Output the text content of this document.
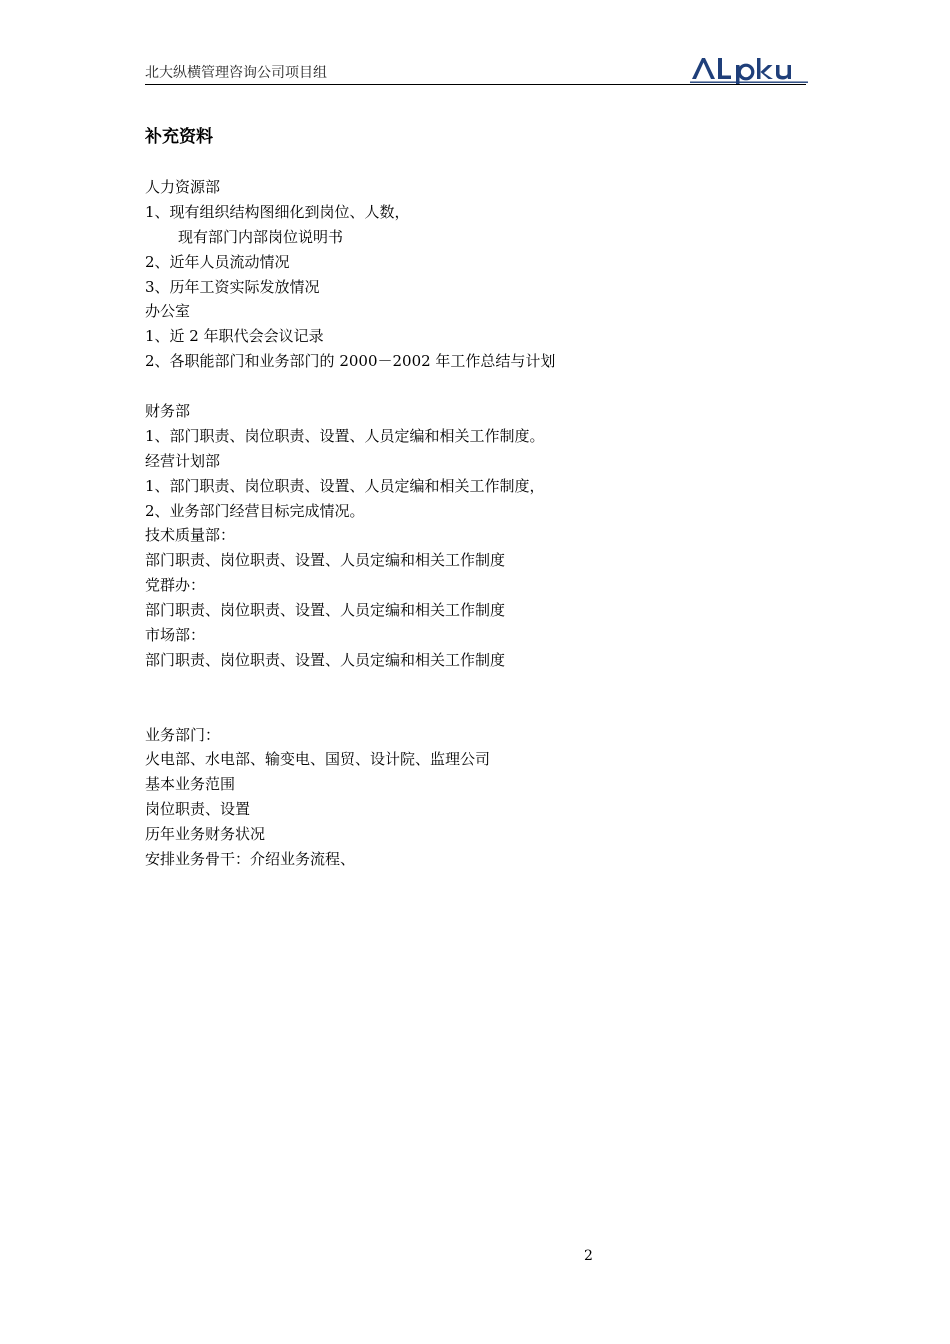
北大纵横管理咨询公司项目组
补充资料
人力资源部
1、现有组织结构图细化到岗位、人数，
现有部门内部岗位说明书
2、近年人员流动情况
3、历年工资实际发放情况
办公室
1、近 2 年职代会会议记录
2、各职能部门和业务部门的 2000－2002 年工作总结与计划
财务部
1、部门职责、岗位职责、设置、人员定编和相关工作制度。
经营计划部
1、部门职责、岗位职责、设置、人员定编和相关工作制度，
2、业务部门经营目标完成情况。
技术质量部：
部门职责、岗位职责、设置、人员定编和相关工作制度
党群办：
部门职责、岗位职责、设置、人员定编和相关工作制度
市场部：
部门职责、岗位职责、设置、人员定编和相关工作制度
业务部门：
火电部、水电部、输变电、国贸、设计院、监理公司
基本业务范围
岗位职责、设置
历年业务财务状况
安排业务骨干：介绍业务流程、
2
